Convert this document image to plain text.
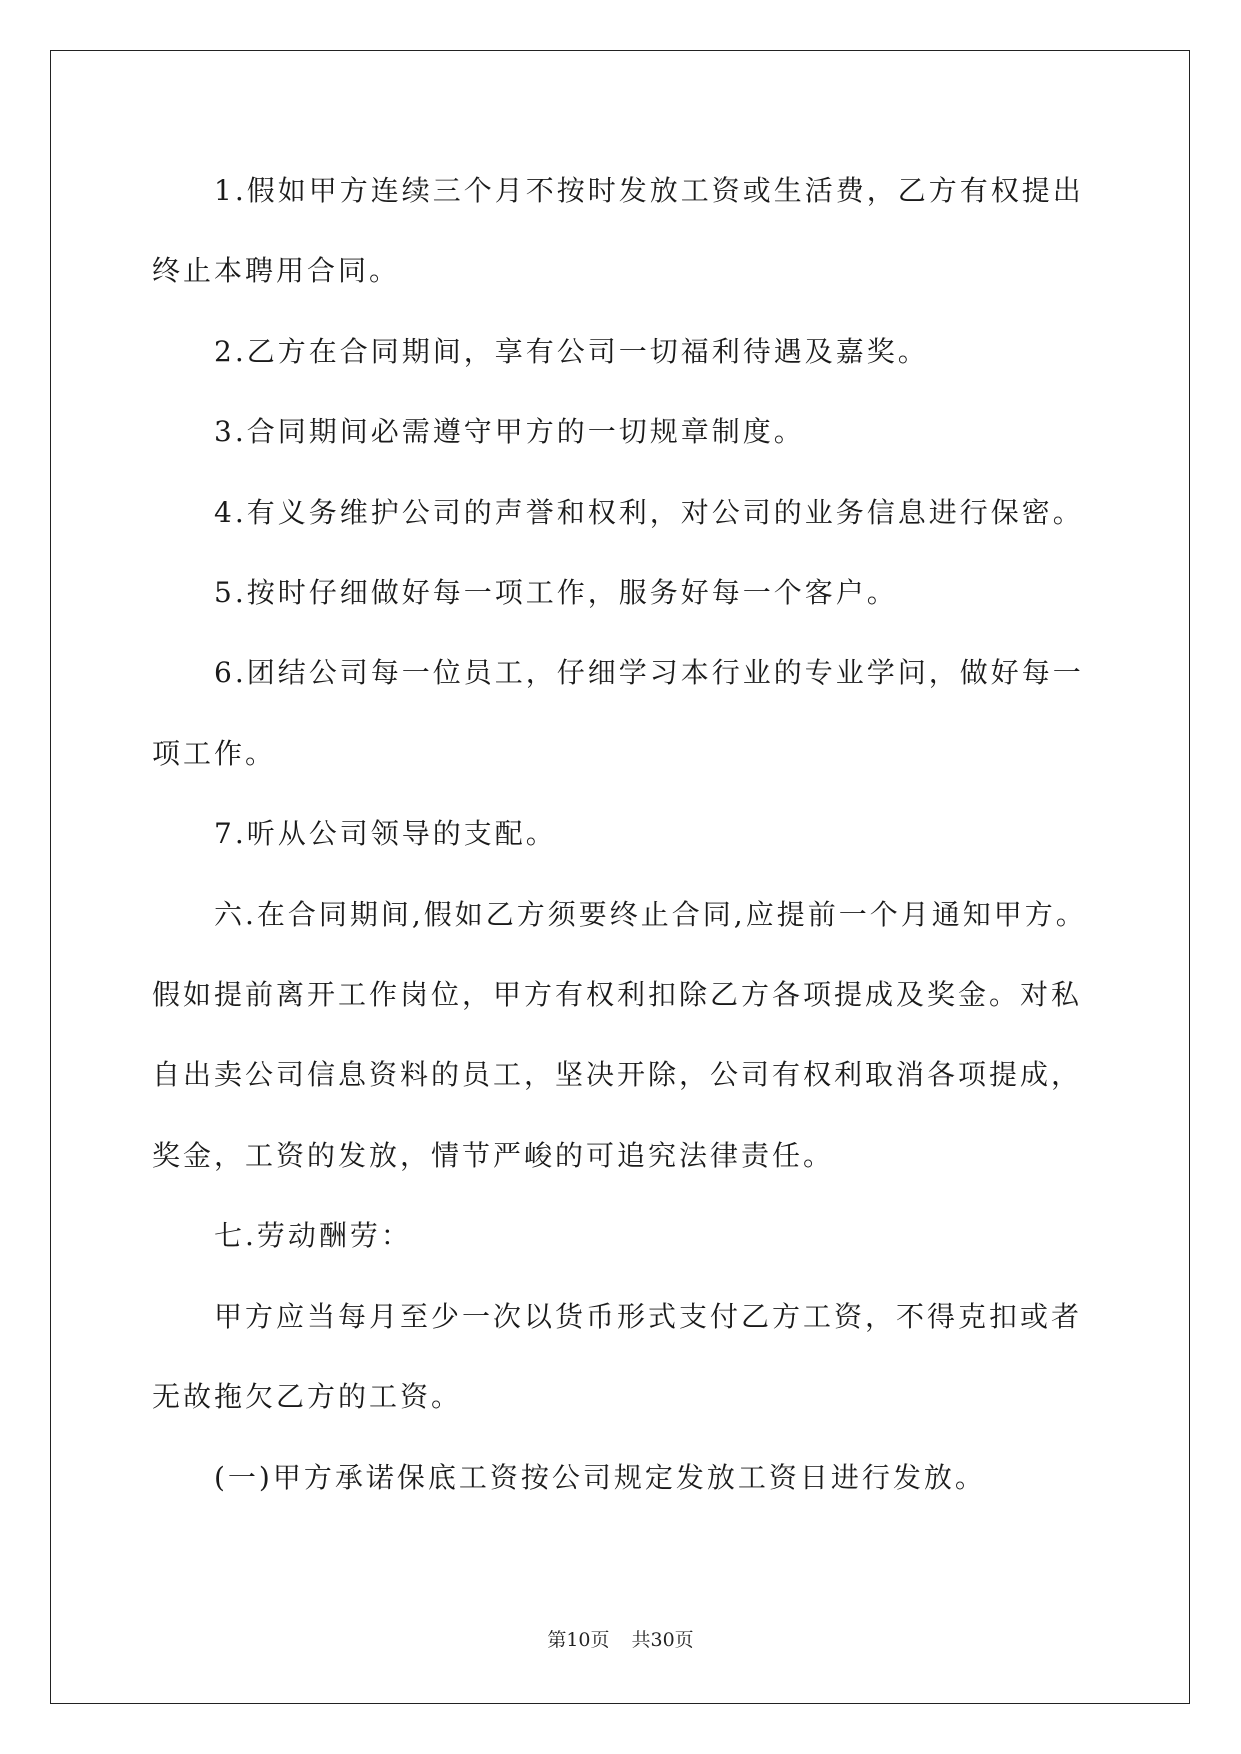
1.假如甲方连续三个月不按时发放工资或生活费，乙方有权提出
终止本聘用合同。
2.乙方在合同期间，享有公司一切福利待遇及嘉奖。
3.合同期间必需遵守甲方的一切规章制度。
4.有义务维护公司的声誉和权利，对公司的业务信息进行保密。
5.按时仔细做好每一项工作，服务好每一个客户。
6.团结公司每一位员工，仔细学习本行业的专业学问，做好每一
项工作。
7.听从公司领导的支配。
六.在合同期间,假如乙方须要终止合同,应提前一个月通知甲方。
假如提前离开工作岗位，甲方有权利扣除乙方各项提成及奖金。对私
自出卖公司信息资料的员工，坚决开除，公司有权利取消各项提成，
奖金，工资的发放，情节严峻的可追究法律责任。
七.劳动酬劳：
甲方应当每月至少一次以货币形式支付乙方工资，不得克扣或者
无故拖欠乙方的工资。
(一)甲方承诺保底工资按公司规定发放工资日进行发放。
第10页 共30页
